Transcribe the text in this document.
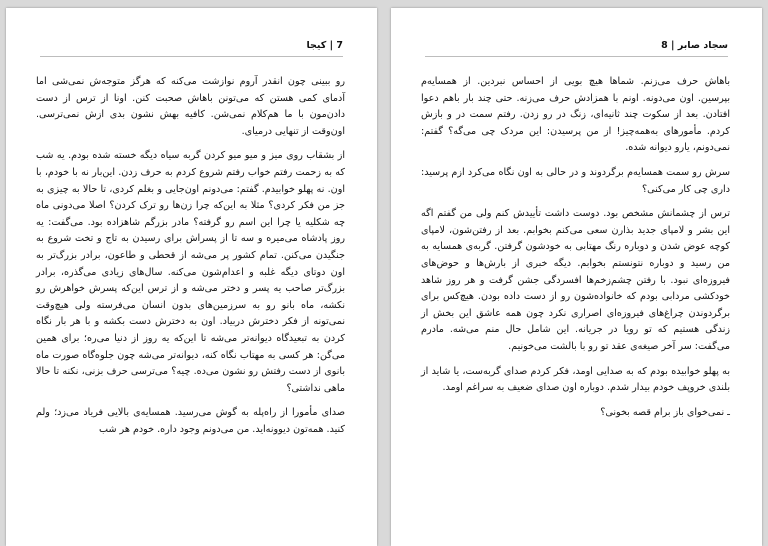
7 | کیجا

رو ببینی چون انقدر آروم نوازشت می‌کنه که هرگز متوجه‌ش نمی‌شی اما آدمای کمی هستن که می‌تونن باهاش صحبت کنن. اونا از ترس از دست دادن‌مون با ما هم‌کلام نمی‌شن. کافیه بهش نشون بدی ازش نمی‌ترسی. اون‌وقت از تنهایی درمیای.

از بشقاب روی میز و میو میو کردن گربه سیاه دیگه خسته شده بودم. یه شب که به زحمت رفتم خواب رفتم شروع کردم به حرف زدن. این‌بار نه با خودم، با اون. نه پهلو خوابیدم. گفتم: می‌دونم اون‌جایی و بغلم کردی، تا حالا به چیزی به جز من فکر کردی؟ مثلا به این‌که چرا زن‌ها رو ترک کردن؟ اصلا می‌دونی ماه چه شکلیه یا چرا این اسم رو گرفته؟ مادر بزرگم شاهزاده بود. می‌گفت: یه روز پادشاه می‌میره و سه تا از پسراش برای رسیدن به تاج و تخت شروع به جنگیدن می‌کنن. تمام کشور پر می‌شه از قحطی و طاعون، برادر بزرگ‌تر به اون دوتای دیگه غلبه و اعدام‌شون می‌کنه. سال‌های زیادی می‌گذره، برادر بزرگ‌تر صاحب یه پسر و دختر می‌شه و از ترس این‌که پسرش خواهرش رو نکشه، ماه‌ بانو رو به سرزمین‌های بدون انسان می‌فرسته ولی هیچ‌وقت نمی‌تونه از فکر دخترش دربیاد. اون به دخترش دست بکشه و با هر بار نگاه کردن به تبعیدگاه دیوانه‌تر می‌شه تا این‌که یه روز از دنیا می‌ره؛ برای همین می‌گن: هر کسی به مهتاب نگاه کنه، دیوانه‌تر می‌شه چون جلوه‌گاه صورت ماه بانوی از دست رفتش رو نشون می‌ده. چیه؟ می‌ترسی حرف بزنی، نکنه تا حالا ماهی نداشتی؟

صدای مأمورا از راه‌پله به گوش می‌رسید. همسایه‌ی بالایی فریاد می‌زد؛ ولم کنید. همه‌تون دیوونه‌اید. من می‌دونم وجود داره. خودم هر شب

سجاد صابر | 8

باهاش حرف می‌زنم. شماها هیچ بویی از احساس نبردین. از همسایه‌م بپرسین. اون می‌دونه. اونم با همزادش حرف می‌زنه. حتی چند بار باهم دعوا افتادن. بعد از سکوت چند ثانیه‌ای، زنگ در رو زدن. رفتم سمت در و بازش کردم. مأمورهای به‌همه‌چیز! از من پرسیدن: این مردک چی می‌گه؟ گفتم: نمی‌دونم، یارو دیوانه شده.

سرش رو سمت همسایه‌م برگردوند و در حالی به اون نگاه می‌کرد ازم پرسید: داری چی کار می‌کنی؟

ترس از چشمانش مشخص بود. دوست داشت تأییدش کنم ولی من گفتم اگه این بشر و لامپای جدید بذارن سعی می‌کنم بخوابم. بعد از رفتن‌شون، لامپای کوچه عوض شدن و دوباره رنگ مهتابی به خودشون گرفتن. گربه‌ی همسایه به من رسید و دوباره نتونستم بخوابم. دیگه خبری از بارش‌ها و حوض‌های فیروزه‌ای نبود. با رفتن چشم‌ز‌خم‌ها افسردگی جشن گرفت و هر روز شاهد خودکشی مردابی بودم که خانواده‌شون رو از دست داده بودن. هیچ‌کس برای برگردوندن چراغ‌های فیروزه‌ای اصراری نکرد چون همه عاشق این بخش از زندگی هستیم که تو رویا در جریانه. این شامل حال منم می‌شه. مادرم می‌گفت: سر آخر صیغه‌ی عقد تو رو با بالشت می‌خونیم.

به پهلو خوابیده بودم که به صدایی اومد، فکر کردم صدای گربه‌ست، یا شاید از بلندی خروپف خودم بیدار شدم. دوباره اون صدای ضعیف به سراغم اومد.

ـ نمی‌خوای باز برام قصه بخونی؟
